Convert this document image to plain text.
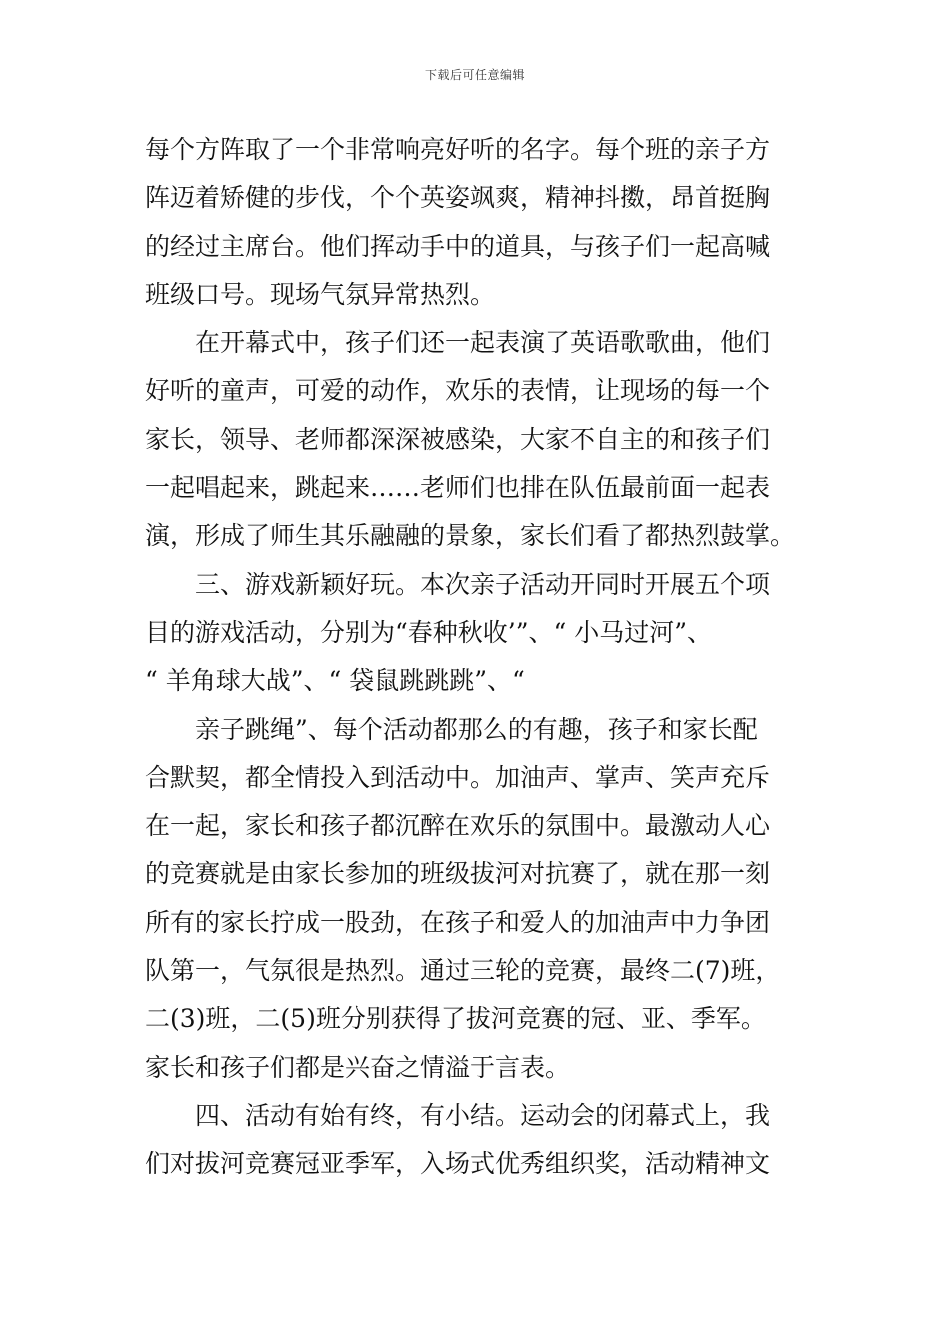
下载后可任意编辑
每个方阵取了一个非常响亮好听的名字。每个班的亲子方
阵迈着矫健的步伐，个个英姿飒爽，精神抖擞，昂首挺胸
的经过主席台。他们挥动手中的道具，与孩子们一起高喊
班级口号。现场气氛异常热烈。
在开幕式中，孩子们还一起表演了英语歌歌曲，他们
好听的童声，可爱的动作，欢乐的表情，让现场的每一个
家长，领导、老师都深深被感染，大家不自主的和孩子们
一起唱起来，跳起来……老师们也排在队伍最前面一起表
演，形成了师生其乐融融的景象，家长们看了都热烈鼓掌。
三、游戏新颖好玩。本次亲子活动开同时开展五个项
目的游戏活动，分别为“春种秋收’”、“ 小马过河”、
“ 羊角球大战”、“ 袋鼠跳跳跳”、“
亲子跳绳”、每个活动都那么的有趣，孩子和家长配
合默契，都全情投入到活动中。加油声、掌声、笑声充斥
在一起，家长和孩子都沉醉在欢乐的氛围中。最激动人心
的竞赛就是由家长参加的班级拔河对抗赛了，就在那一刻
所有的家长拧成一股劲，在孩子和爱人的加油声中力争团
队第一，气氛很是热烈。通过三轮的竞赛，最终二(7)班，
二(3)班，二(5)班分别获得了拔河竞赛的冠、亚、季军。
家长和孩子们都是兴奋之情溢于言表。
四、活动有始有终，有小结。运动会的闭幕式上，我
们对拔河竞赛冠亚季军，入场式优秀组织奖，活动精神文
